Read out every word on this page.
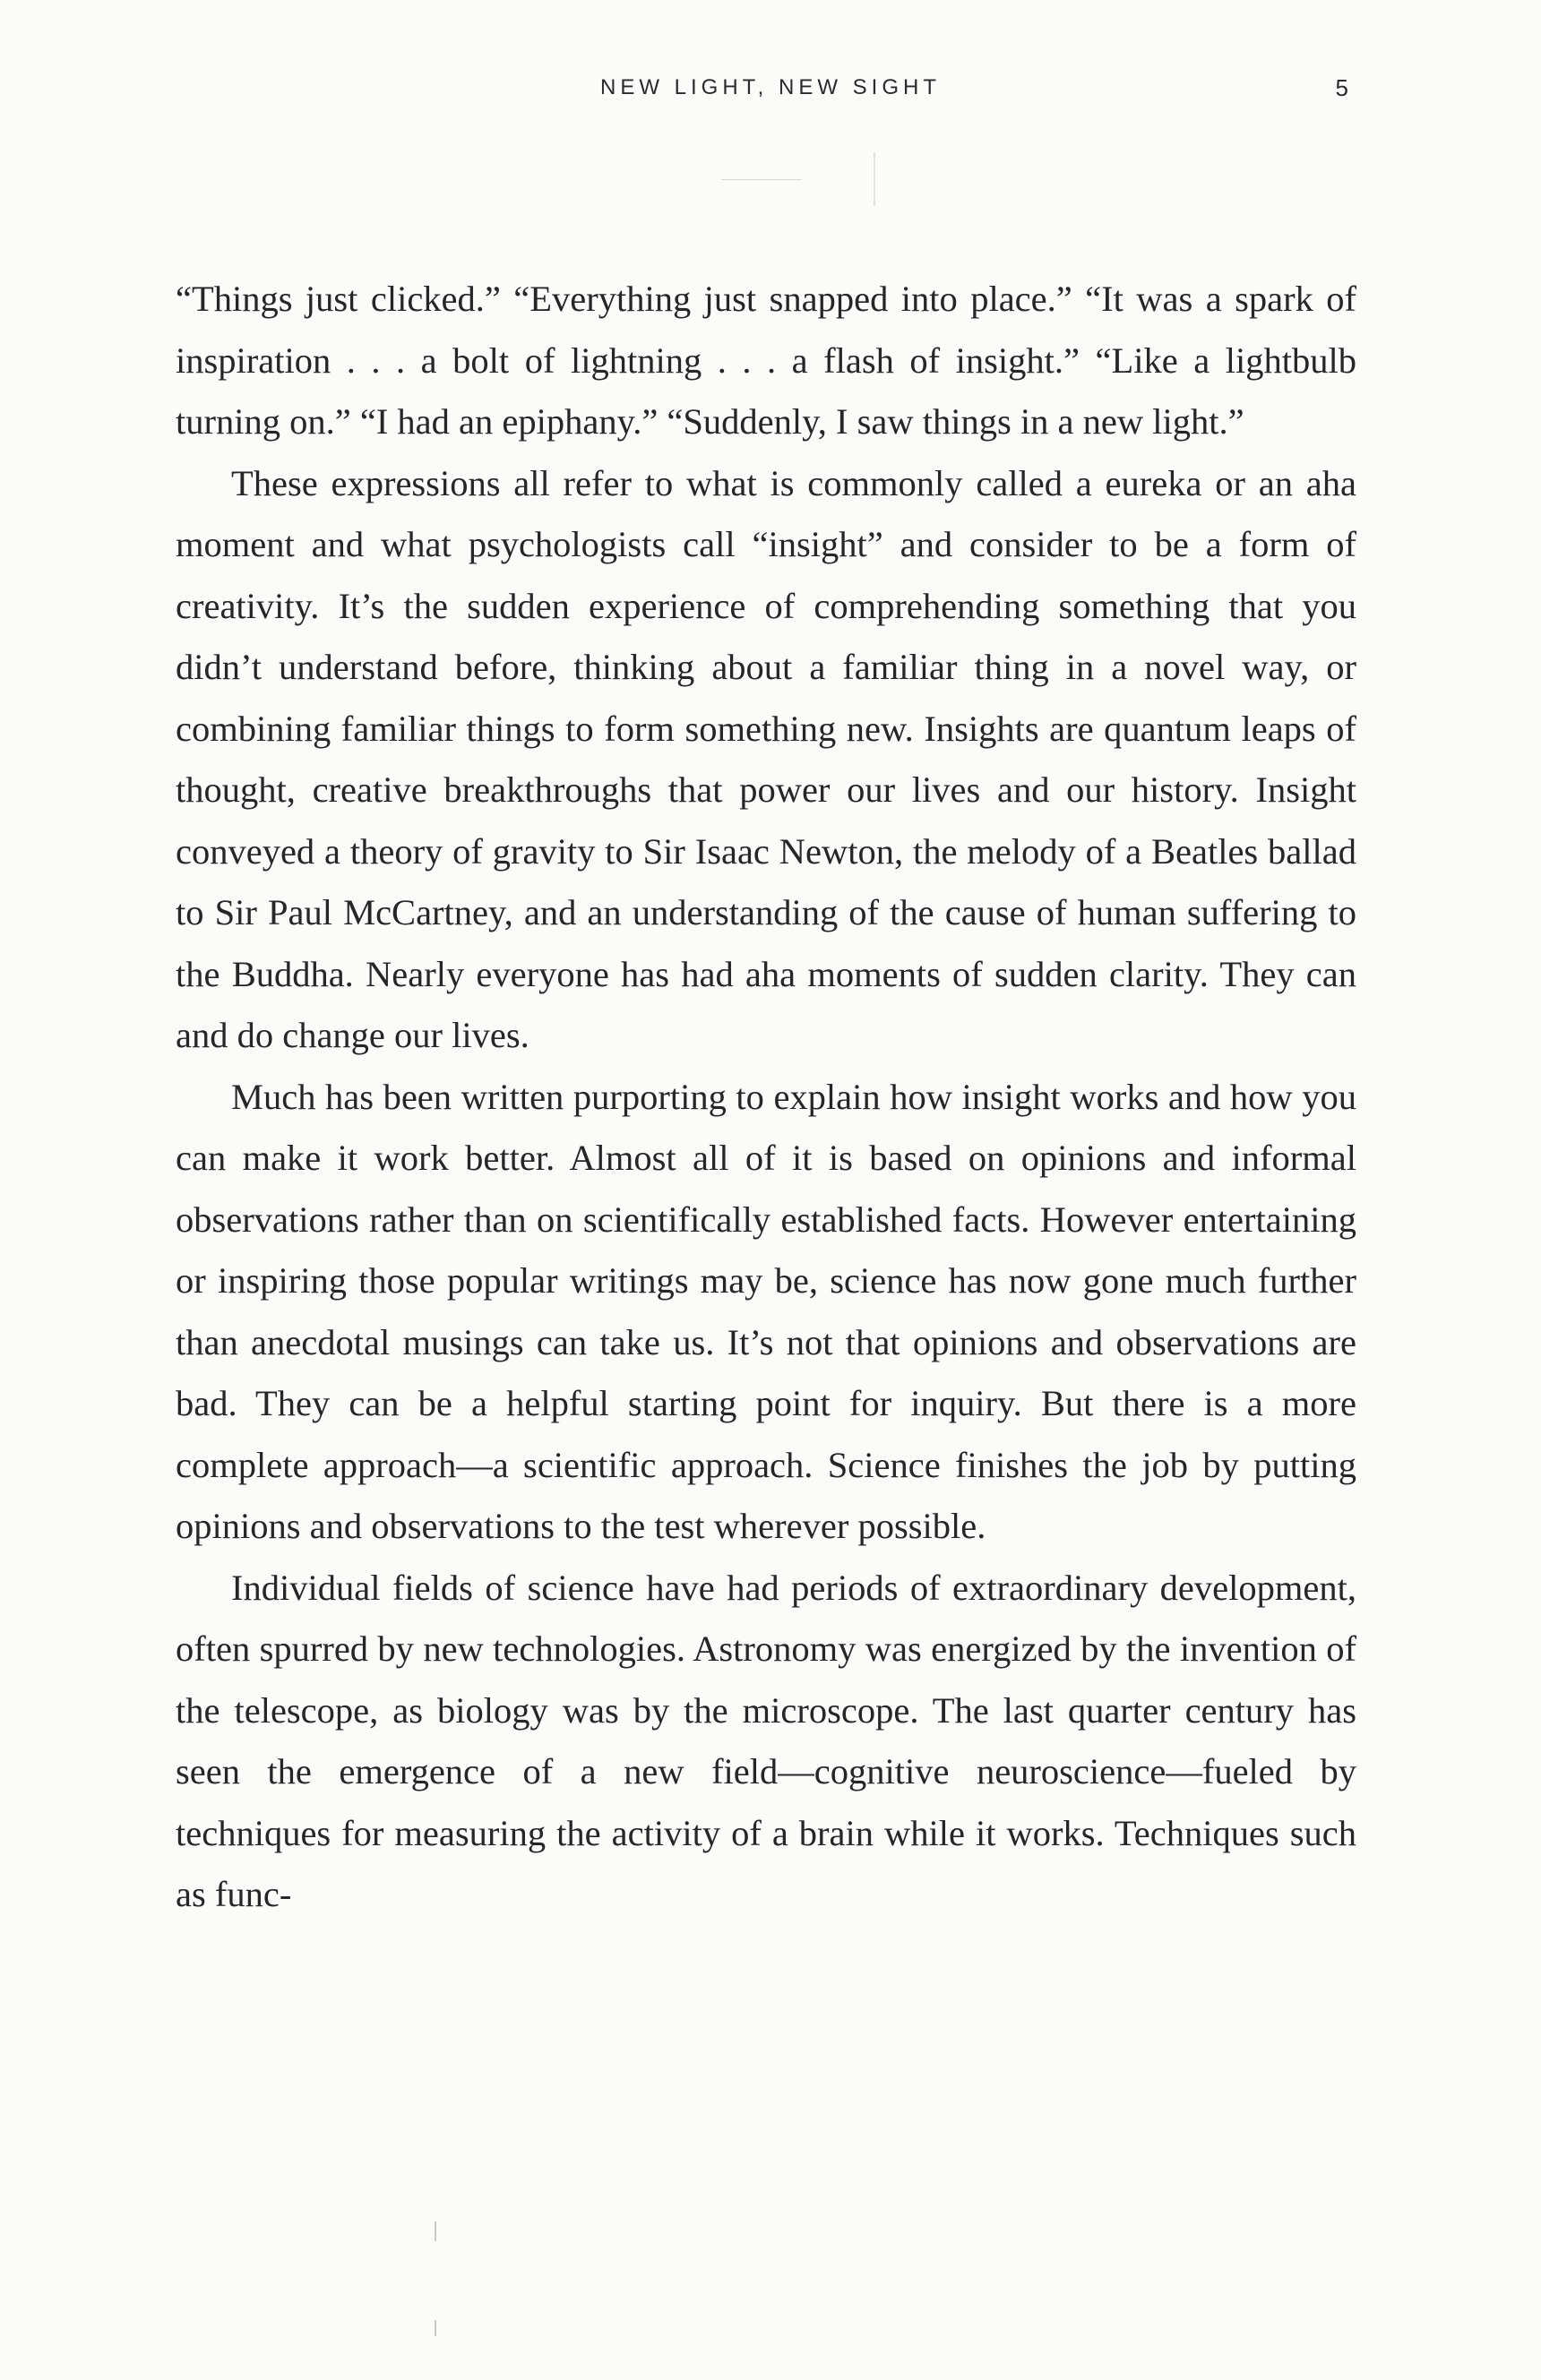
NEW LIGHT, NEW SIGHT	5

“Things just clicked.” “Everything just snapped into place.” “It was a spark of inspiration . . . a bolt of lightning . . . a flash of insight.” “Like a lightbulb turning on.” “I had an epiphany.” “Suddenly, I saw things in a new light.”

These expressions all refer to what is commonly called a eureka or an aha moment and what psychologists call “insight” and consider to be a form of creativity. It’s the sudden experience of comprehending something that you didn’t understand before, thinking about a familiar thing in a novel way, or combining familiar things to form something new. Insights are quantum leaps of thought, creative breakthroughs that power our lives and our history. Insight conveyed a theory of gravity to Sir Isaac Newton, the melody of a Beatles ballad to Sir Paul McCartney, and an understanding of the cause of human suffering to the Buddha. Nearly everyone has had aha moments of sudden clarity. They can and do change our lives.

Much has been written purporting to explain how insight works and how you can make it work better. Almost all of it is based on opinions and informal observations rather than on scientifically established facts. However entertaining or inspiring those popular writings may be, science has now gone much further than anecdotal musings can take us. It’s not that opinions and observations are bad. They can be a helpful starting point for inquiry. But there is a more complete approach—a scientific approach. Science finishes the job by putting opinions and observations to the test wherever possible.

Individual fields of science have had periods of extraordinary development, often spurred by new technologies. Astronomy was energized by the invention of the telescope, as biology was by the microscope. The last quarter century has seen the emergence of a new field—cognitive neuroscience—fueled by techniques for measuring the activity of a brain while it works. Techniques such as func-
